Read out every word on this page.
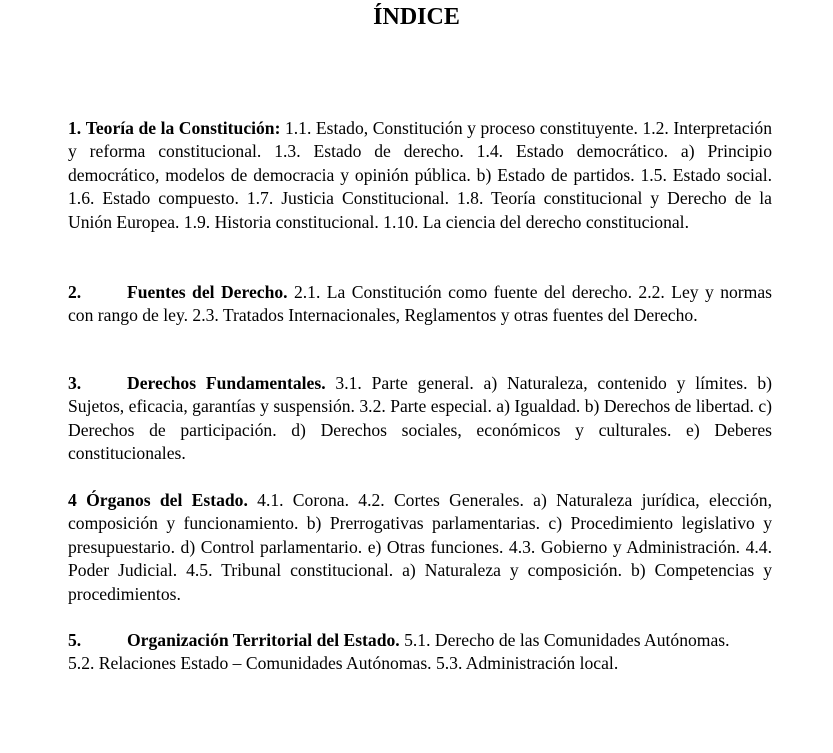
ÍNDICE
1. Teoría de la Constitución: 1.1. Estado, Constitución y proceso constituyente. 1.2. Interpretación y reforma constitucional. 1.3. Estado de derecho. 1.4. Estado democrático. a) Principio democrático, modelos de democracia y opinión pública. b) Estado de partidos. 1.5. Estado social. 1.6. Estado compuesto. 1.7. Justicia Constitucional. 1.8. Teoría constitucional y Derecho de la Unión Europea. 1.9. Historia constitucional. 1.10. La ciencia del derecho constitucional.
2.	Fuentes del Derecho. 2.1. La Constitución como fuente del derecho. 2.2. Ley y normas con rango de ley. 2.3. Tratados Internacionales, Reglamentos y otras fuentes del Derecho.
3.	Derechos Fundamentales. 3.1. Parte general. a) Naturaleza, contenido y límites. b) Sujetos, eficacia, garantías y suspensión. 3.2. Parte especial. a) Igualdad. b) Derechos de libertad. c) Derechos de participación. d) Derechos sociales, económicos y culturales. e) Deberes constitucionales.
4 Órganos del Estado. 4.1. Corona. 4.2. Cortes Generales. a) Naturaleza jurídica, elección, composición y funcionamiento. b) Prerrogativas parlamentarias. c) Procedimiento legislativo y presupuestario. d) Control parlamentario. e) Otras funciones. 4.3. Gobierno y Administración. 4.4. Poder Judicial. 4.5. Tribunal constitucional. a) Naturaleza y composición. b) Competencias y procedimientos.
5.	Organización Territorial del Estado. 5.1. Derecho de las Comunidades Autónomas.
5.2. Relaciones Estado – Comunidades Autónomas. 5.3. Administración local.
